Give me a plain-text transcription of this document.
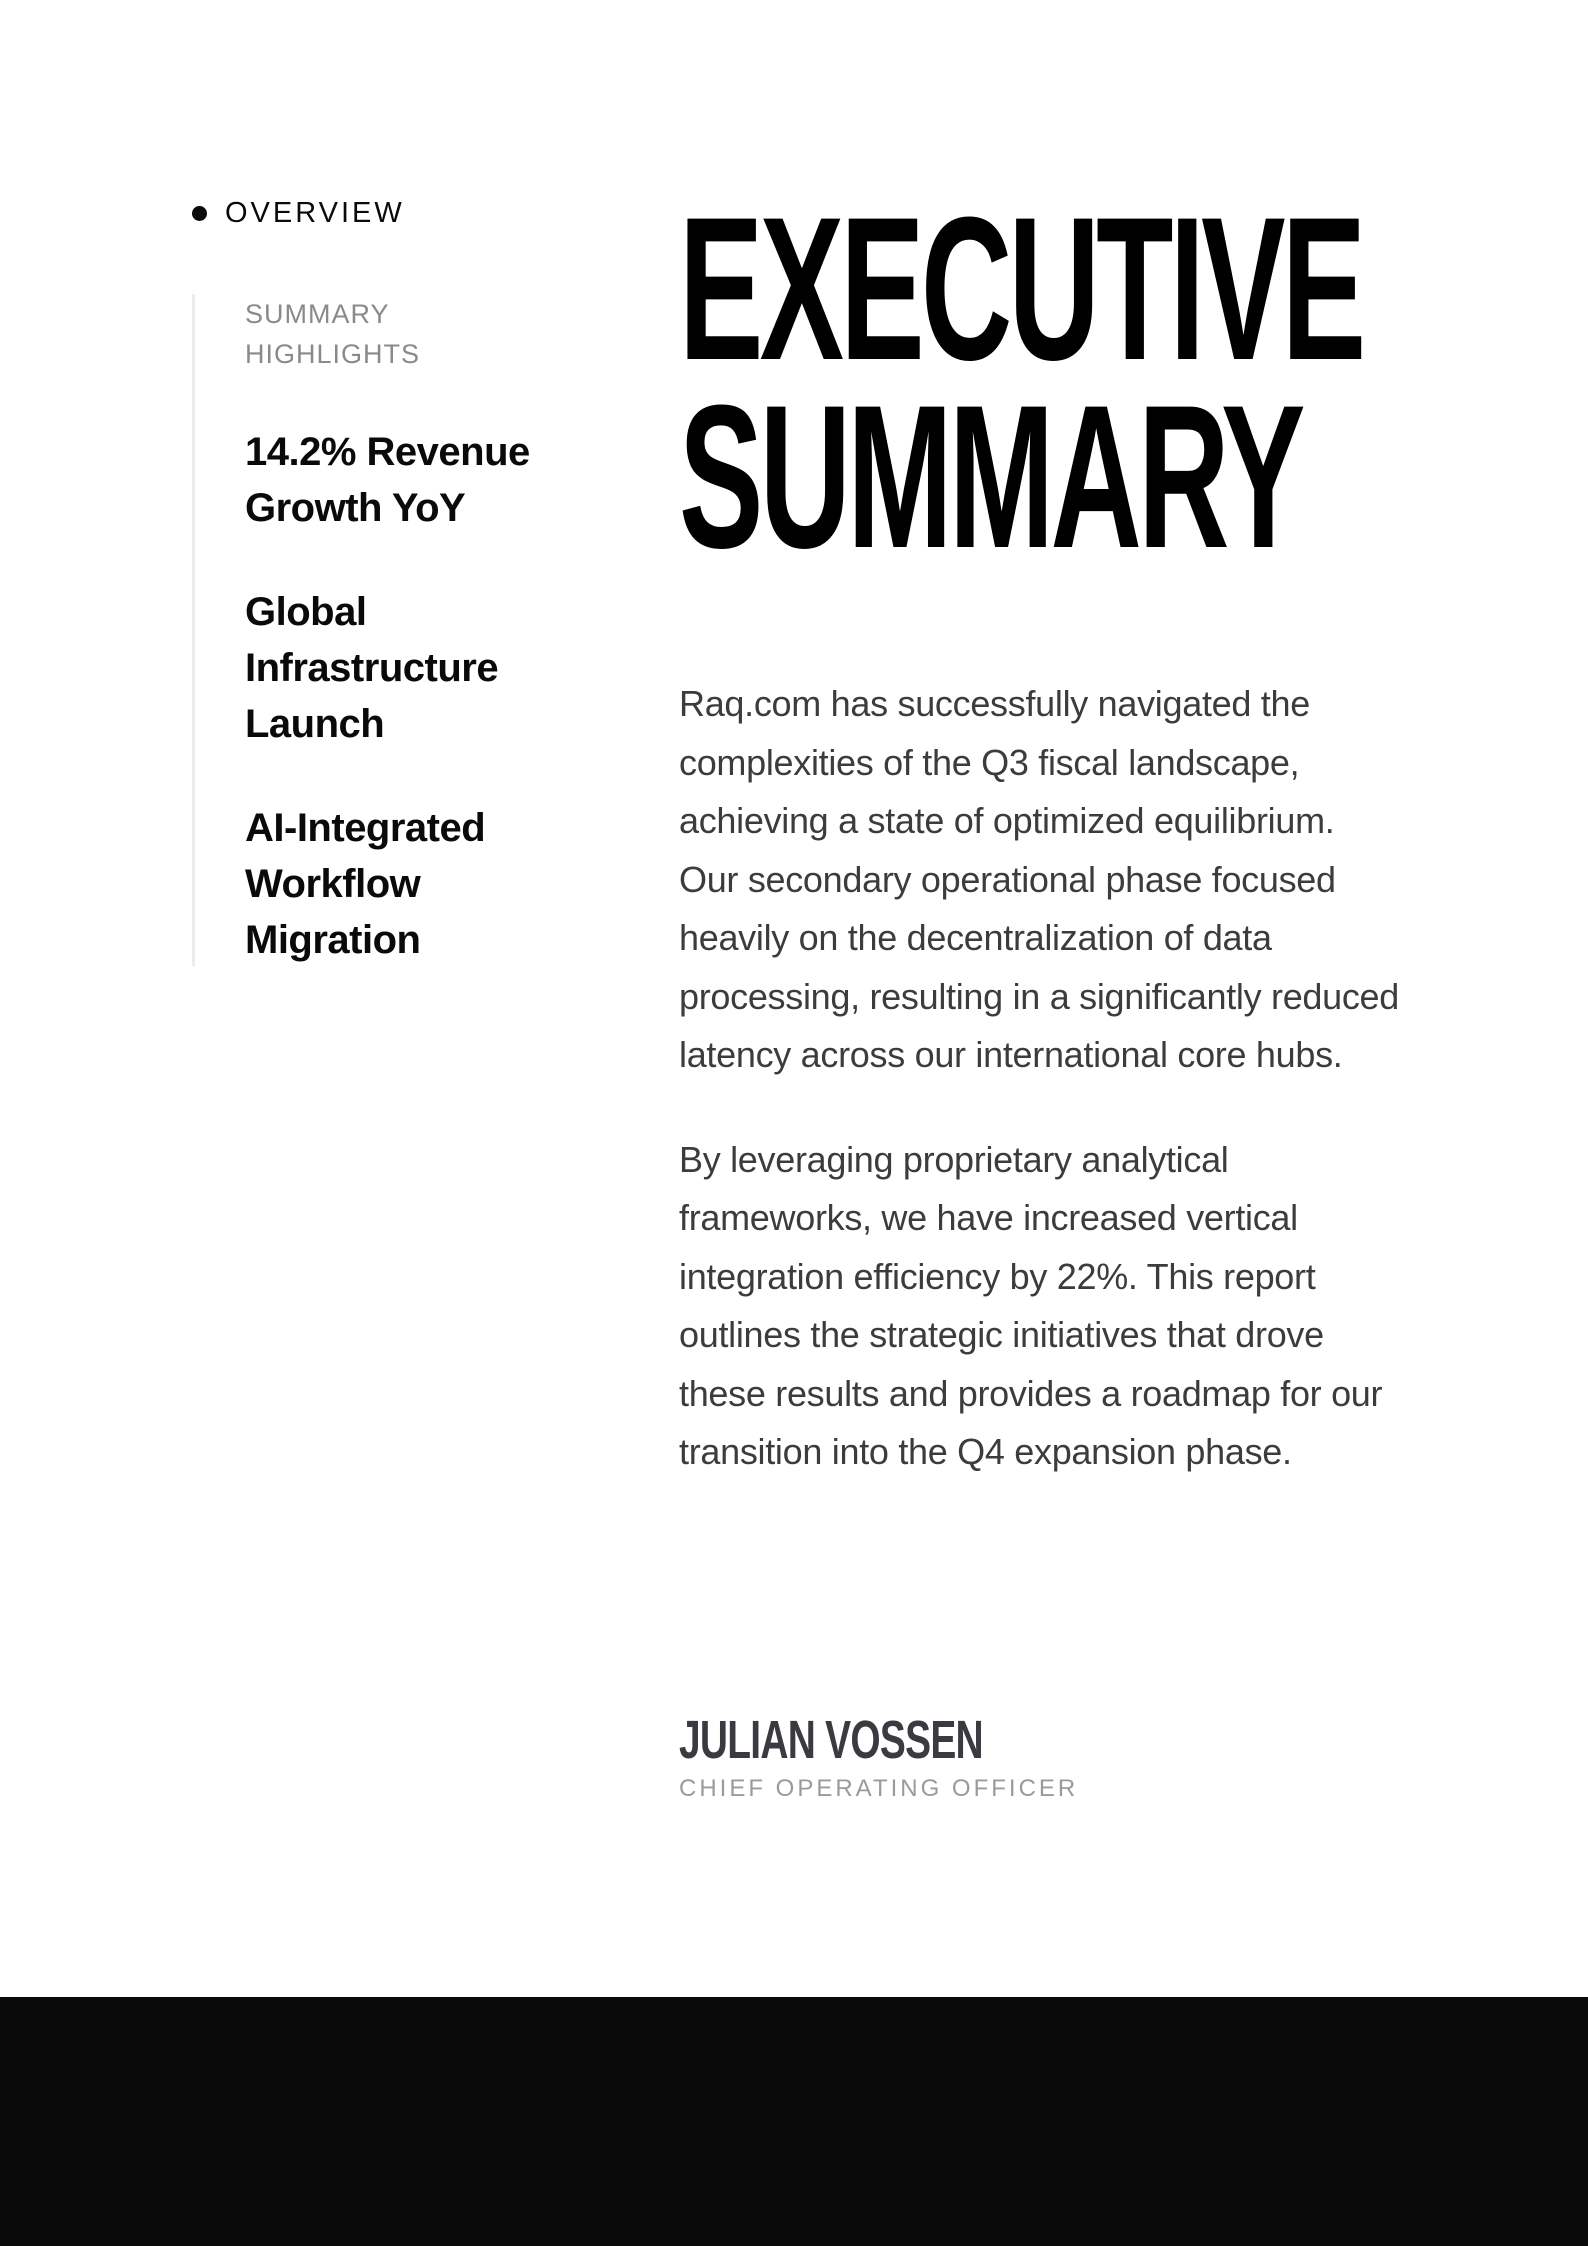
OVERVIEW

SUMMARY HIGHLIGHTS

14.2% Revenue Growth YoY
Global Infrastructure Launch
AI-Integrated Workflow Migration
EXECUTIVE
SUMMARY

Raq.com has successfully navigated the complexities of the Q3 fiscal landscape, achieving a state of optimized equilibrium. Our secondary operational phase focused heavily on the decentralization of data processing, resulting in a significantly reduced latency across our international core hubs.

By leveraging proprietary analytical frameworks, we have increased vertical integration efficiency by 22%. This report outlines the strategic initiatives that drove these results and provides a roadmap for our transition into the Q4 expansion phase.

JULIAN VOSSEN
CHIEF OPERATING OFFICER
